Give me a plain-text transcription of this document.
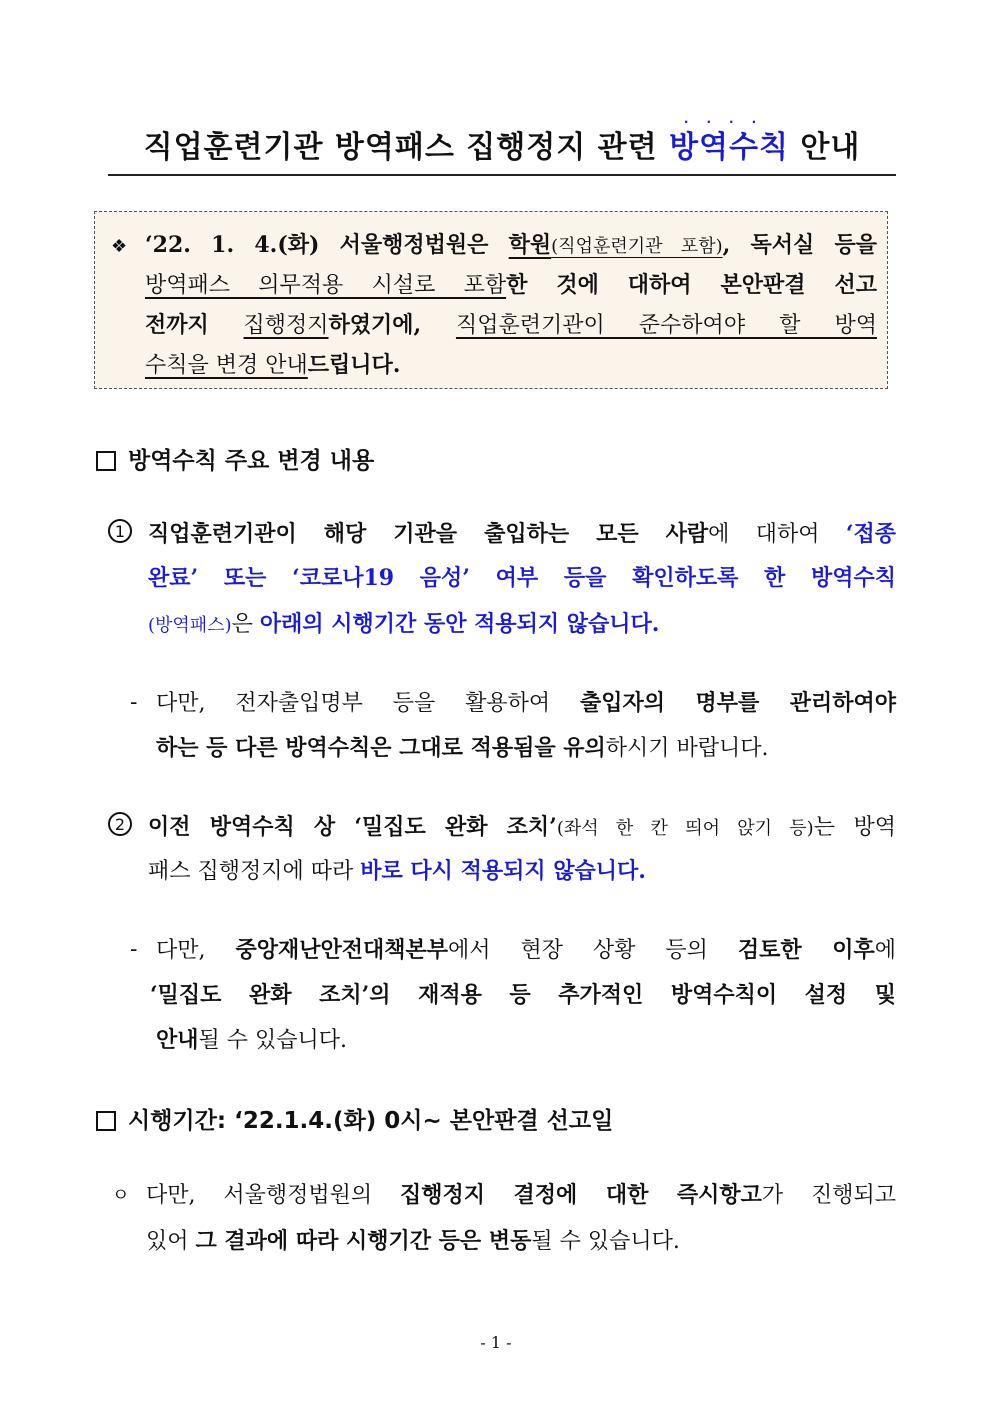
직업훈련기관 방역패스 집행정지 관련
····
방역수칙 안내
❖ ‘22. 1. 4.(화) 서울행정법원은 학원(직업훈련기관 포함), 독서실 등을
방역패스 의무적용 시설로 포함한 것에 대하여 본안판결 선고
전까지 집행정지하였기에, 직업훈련기관이 준수하여야 할 방역
수칙을 변경 안내드립니다.
방역수칙 주요 변경 내용
1	직업훈련기관이 해당 기관을 출입하는 모든 사람에 대하여 ‘접종
완료’ 또는 ‘코로나19 음성’ 여부 등을 확인하도록 한 방역수칙
(방역패스)은 아래의 시행기간 동안 적용되지 않습니다.
- 다만, 전자출입명부 등을 활용하여 출입자의 명부를 관리하여야
하는 등 다른 방역수칙은 그대로 적용됨을 유의하시기 바랍니다.
2	이전 방역수칙 상 ‘밀집도 완화 조치’(좌석 한 칸 띄어 앉기 등)는 방역
패스 집행정지에 따라 바로 다시 적용되지 않습니다.
- 다만, 중앙재난안전대책본부에서 현장 상황 등의 검토한 이후에
‘밀집도 완화 조치’의 재적용 등 추가적인 방역수칙이 설정 및
안내될 수 있습니다.
시행기간: ‘22.1.4.(화) 0시~ 본안판결 선고일
ㅇ 다만, 서울행정법원의 집행정지 결정에 대한 즉시항고가 진행되고
있어 그 결과에 따라 시행기간 등은 변동될 수 있습니다.
- 1 -
